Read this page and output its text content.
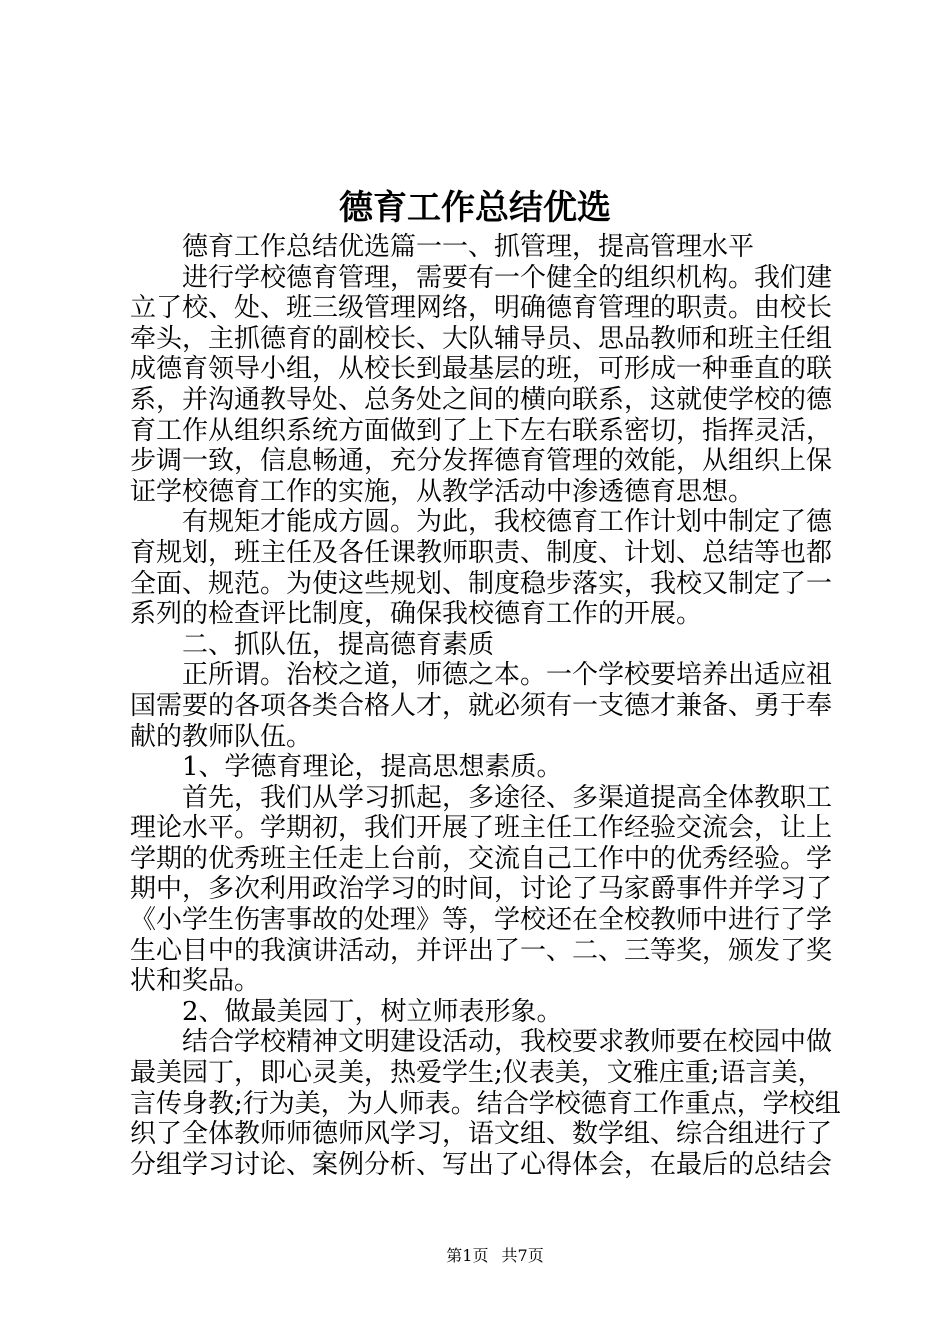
德育工作总结优选
德育工作总结优选篇一一、抓管理，提高管理水平
进行学校德育管理，需要有一个健全的组织机构。我们建
立了校、处、班三级管理网络，明确德育管理的职责。由校长
牵头，主抓德育的副校长、大队辅导员、思品教师和班主任组
成德育领导小组，从校长到最基层的班，可形成一种垂直的联
系，并沟通教导处、总务处之间的横向联系，这就使学校的德
育工作从组织系统方面做到了上下左右联系密切，指挥灵活，
步调一致，信息畅通，充分发挥德育管理的效能，从组织上保
证学校德育工作的实施，从教学活动中渗透德育思想。
有规矩才能成方圆。为此，我校德育工作计划中制定了德
育规划，班主任及各任课教师职责、制度、计划、总结等也都
全面、规范。为使这些规划、制度稳步落实，我校又制定了一
系列的检查评比制度，确保我校德育工作的开展。
二、抓队伍，提高德育素质
正所谓。治校之道，师德之本。一个学校要培养出适应祖
国需要的各项各类合格人才，就必须有一支德才兼备、勇于奉
献的教师队伍。
1、学德育理论，提高思想素质。
首先，我们从学习抓起，多途径、多渠道提高全体教职工
理论水平。学期初，我们开展了班主任工作经验交流会，让上
学期的优秀班主任走上台前，交流自己工作中的优秀经验。学
期中，多次利用政治学习的时间，讨论了马家爵事件并学习了
《小学生伤害事故的处理》等，学校还在全校教师中进行了学
生心目中的我演讲活动，并评出了一、二、三等奖，颁发了奖
状和奖品。
2、做最美园丁，树立师表形象。
结合学校精神文明建设活动，我校要求教师要在校园中做
最美园丁，即心灵美，热爱学生;仪表美，文雅庄重;语言美，
言传身教;行为美，为人师表。结合学校德育工作重点，学校组
织了全体教师师德师风学习，语文组、数学组、综合组进行了
分组学习讨论、案例分析、写出了心得体会，在最后的总结会
第1页 共7页
